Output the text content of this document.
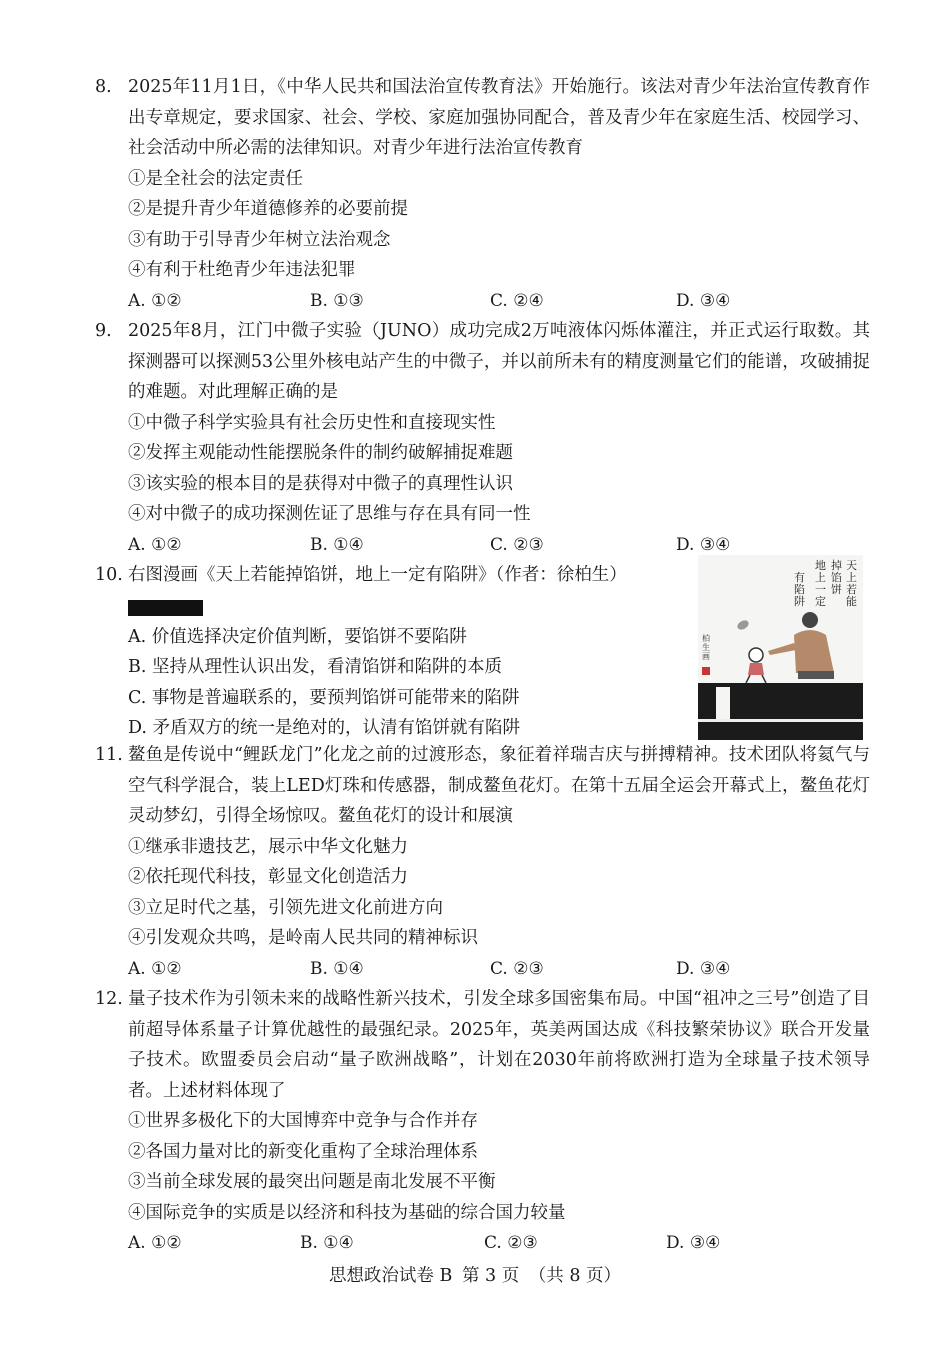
8. 2025年11月1日，《中华人民共和国法治宣传教育法》开始施行。该法对青少年法治宣传教育作出专章规定，要求国家、社会、学校、家庭加强协同配合，普及青少年在家庭生活、校园学习、社会活动中所必需的法律知识。对青少年进行法治宣传教育
①是全社会的法定责任
②是提升青少年道德修养的必要前提
③有助于引导青少年树立法治观念
④有利于杜绝青少年违法犯罪
A. ①②	B. ①③	C. ②④	D. ③④
9. 2025年8月，江门中微子实验（JUNO）成功完成2万吨液体闪烁体灌注，并正式运行取数。其探测器可以探测53公里外核电站产生的中微子，并以前所未有的精度测量它们的能谱，攻破捕捉的难题。对此理解正确的是
①中微子科学实验具有社会历史性和直接现实性
②发挥主观能动性能摆脱条件的制约破解捕捉难题
③该实验的根本目的是获得对中微子的真理性认识
④对中微子的成功探测佐证了思维与存在具有同一性
A. ①②	B. ①④	C. ②③	D. ③④
10. 右图漫画《天上若能掉馅饼，地上一定有陷阱》（作者：徐柏生）
A. 价值选择决定价值判断，要馅饼不要陷阱
B. 坚持从理性认识出发，看清馅饼和陷阱的本质
C. 事物是普遍联系的，要预判馅饼可能带来的陷阱
D. 矛盾双方的统一是绝对的，认清有馅饼就有陷阱
天上若能
掉馅饼
地上一定
有陷阱
柏生画
11. 鳌鱼是传说中“鲤跃龙门”化龙之前的过渡形态，象征着祥瑞吉庆与拼搏精神。技术团队将氦气与空气科学混合，装上LED灯珠和传感器，制成鳌鱼花灯。在第十五届全运会开幕式上，鳌鱼花灯灵动梦幻，引得全场惊叹。鳌鱼花灯的设计和展演
①继承非遗技艺，展示中华文化魅力
②依托现代科技，彰显文化创造活力
③立足时代之基，引领先进文化前进方向
④引发观众共鸣，是岭南人民共同的精神标识
A. ①②	B. ①④	C. ②③	D. ③④
12. 量子技术作为引领未来的战略性新兴技术，引发全球多国密集布局。中国“祖冲之三号”创造了目前超导体系量子计算优越性的最强纪录。2025年，英美两国达成《科技繁荣协议》联合开发量子技术。欧盟委员会启动“量子欧洲战略”，计划在2030年前将欧洲打造为全球量子技术领导者。上述材料体现了
①世界多极化下的大国博弈中竞争与合作并存
②各国力量对比的新变化重构了全球治理体系
③当前全球发展的最突出问题是南北发展不平衡
④国际竞争的实质是以经济和科技为基础的综合国力较量
A. ①②	B. ①④	C. ②③	D. ③④
思想政治试卷 B 第 3 页 （共 8 页）
